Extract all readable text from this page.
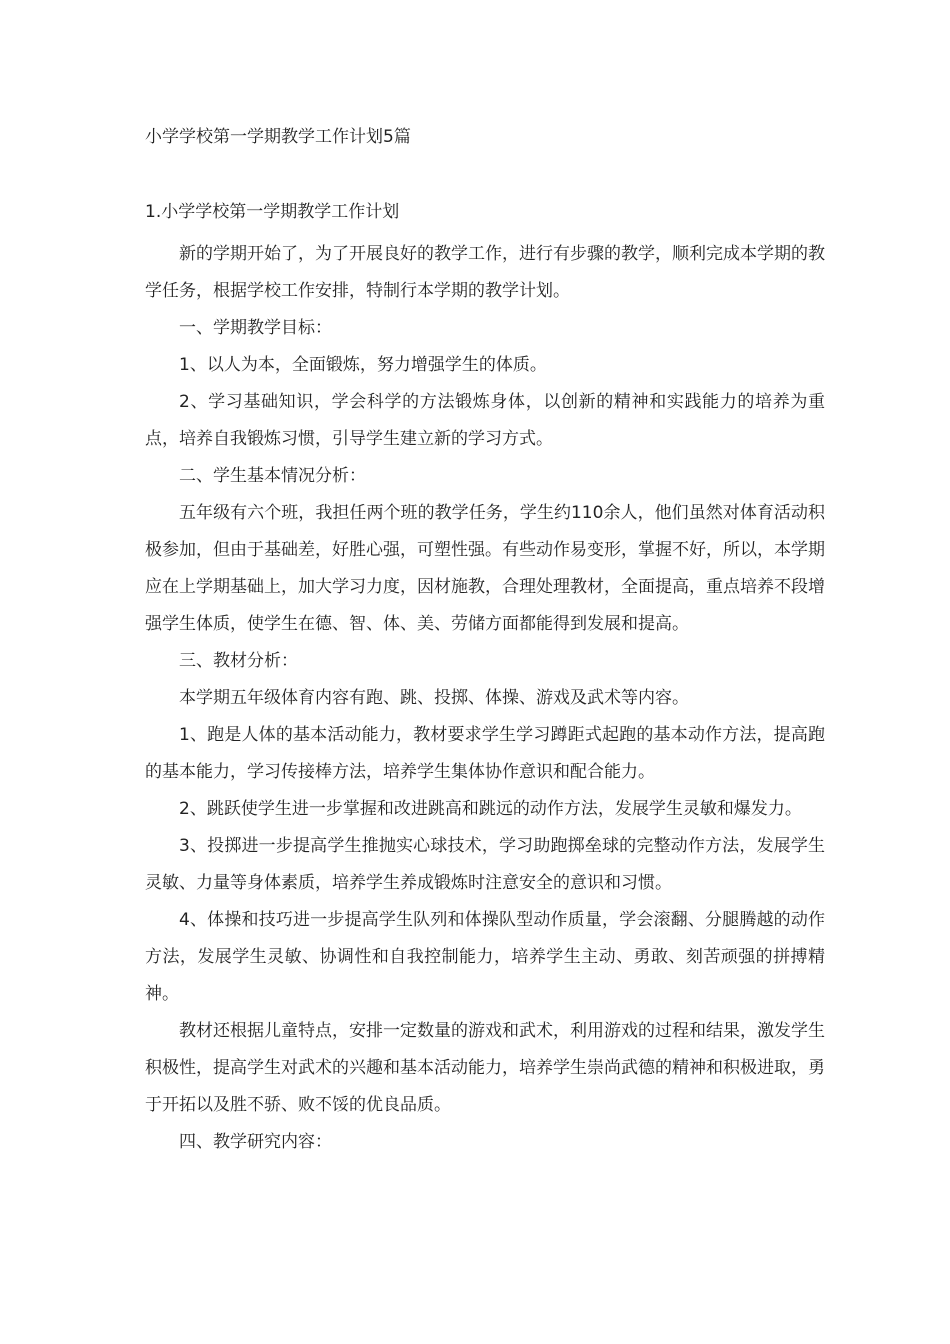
小学学校第一学期教学工作计划5篇
1.小学学校第一学期教学工作计划

新的学期开始了，为了开展良好的教学工作，进行有步骤的教学，顺利完成本学期的教学任务，根据学校工作安排，特制行本学期的教学计划。

一、学期教学目标：

1、以人为本，全面锻炼，努力增强学生的体质。

2、学习基础知识，学会科学的方法锻炼身体，以创新的精神和实践能力的培养为重点，培养自我锻炼习惯，引导学生建立新的学习方式。

二、学生基本情况分析：

五年级有六个班，我担任两个班的教学任务，学生约110余人，他们虽然对体育活动积极参加，但由于基础差，好胜心强，可塑性强。有些动作易变形，掌握不好，所以，本学期应在上学期基础上，加大学习力度，因材施教，合理处理教材，全面提高，重点培养不段增强学生体质，使学生在德、智、体、美、劳储方面都能得到发展和提高。

三、教材分析：

本学期五年级体育内容有跑、跳、投掷、体操、游戏及武术等内容。

1、跑是人体的基本活动能力，教材要求学生学习蹲距式起跑的基本动作方法，提高跑的基本能力，学习传接棒方法，培养学生集体协作意识和配合能力。

2、跳跃使学生进一步掌握和改进跳高和跳远的动作方法，发展学生灵敏和爆发力。

3、投掷进一步提高学生推抛实心球技术，学习助跑掷垒球的完整动作方法，发展学生灵敏、力量等身体素质，培养学生养成锻炼时注意安全的意识和习惯。

4、体操和技巧进一步提高学生队列和体操队型动作质量，学会滚翻、分腿腾越的动作方法，发展学生灵敏、协调性和自我控制能力，培养学生主动、勇敢、刻苦顽强的拼搏精神。

教材还根据儿童特点，安排一定数量的游戏和武术，利用游戏的过程和结果，激发学生积极性，提高学生对武术的兴趣和基本活动能力，培养学生崇尚武德的精神和积极进取，勇于开拓以及胜不骄、败不馁的优良品质。

四、教学研究内容：
